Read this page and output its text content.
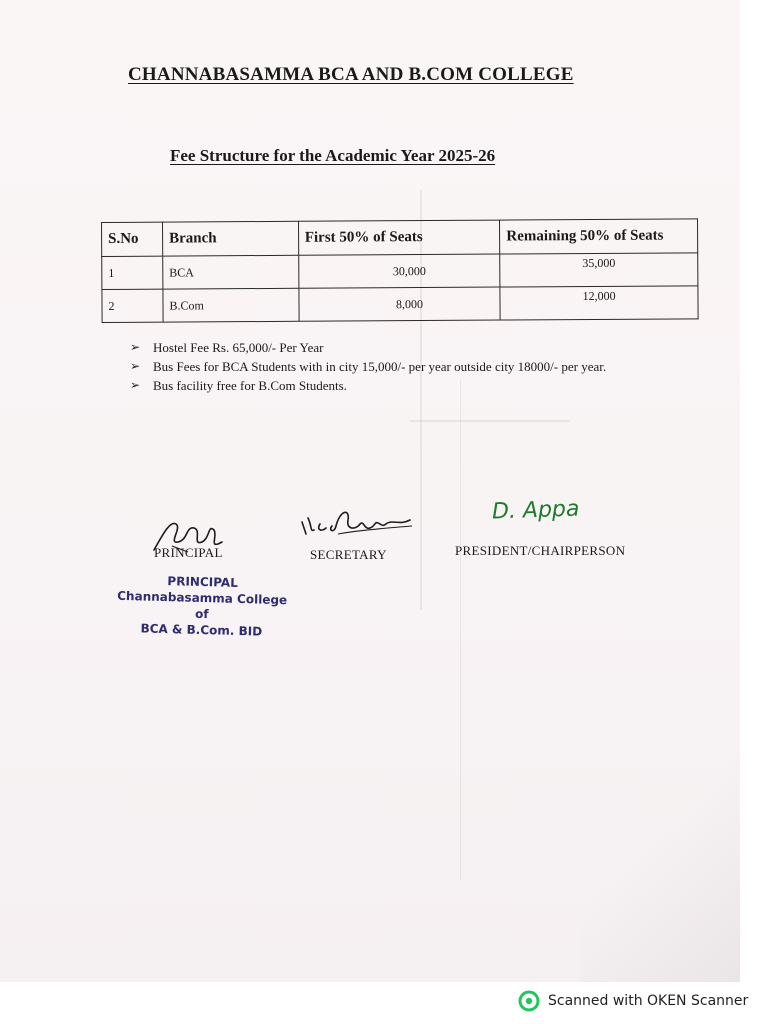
CHANNABASAMMA BCA AND B.COM COLLEGE
Fee Structure for the Academic Year 2025-26
S.No	Branch	First 50% of Seats	Remaining 50% of Seats
1	BCA	30,000	35,000
2	B.Com	8,000	12,000
➢ Hostel Fee Rs. 65,000/- Per Year
➢ Bus Fees for BCA Students with in city 15,000/- per year outside city 18000/- per year.
➢ Bus facility free for B.Com Students.
D. Appa
PRINCIPAL	SECRETARY	PRESIDENT/CHAIRPERSON
PRINCIPAL
Channabasamma College of
BCA & B.Com. BID
Scanned with OKEN Scanner
